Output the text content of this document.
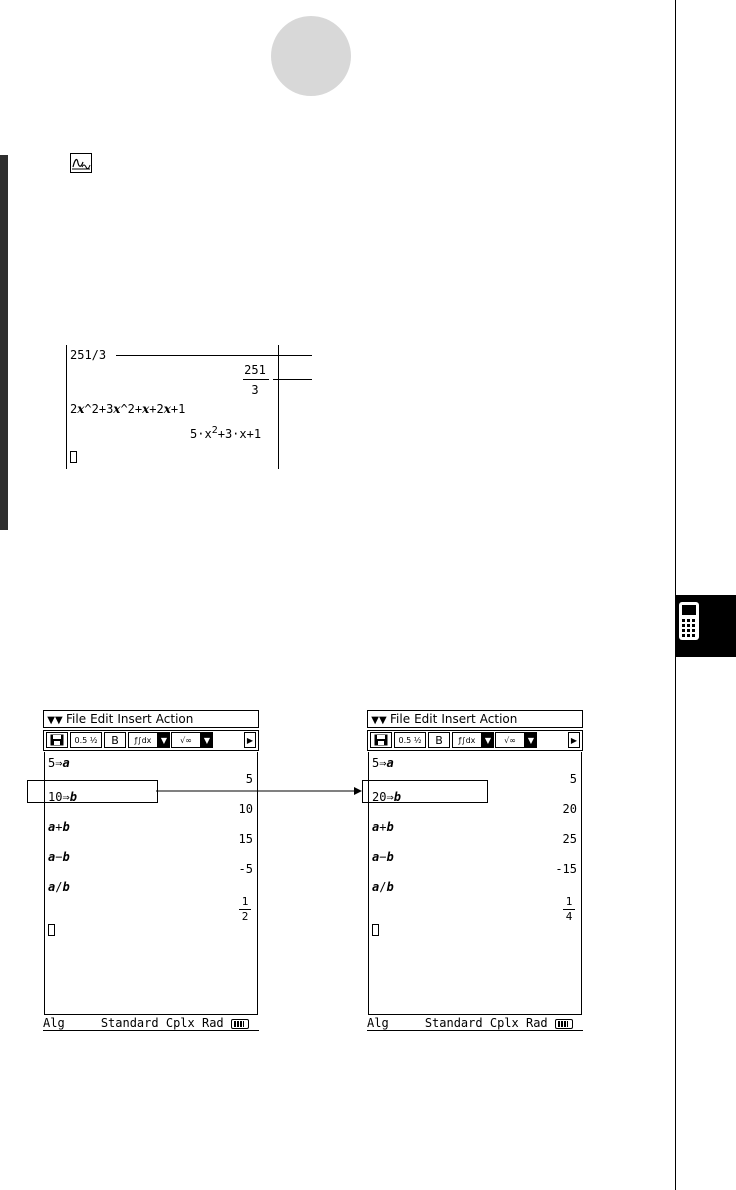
251/3
251
3
2x^2+3x^2+x+2x+1
$5\cdot x^2+3\cdot x+1$
▼▼ File Edit Insert Action
0.5 ½	B	ƒ∫dx	▼	√∞	▼	▶
5⇒a
5
10⇒b
10
a+b
15
a−b
-5
a/b
1
2
Alg	Standard Cplx Rad
▼▼ File Edit Insert Action
0.5 ½	B	ƒ∫dx	▼	√∞	▼	▶
5⇒a
5
20⇒b
20
a+b
25
a−b
-15
a/b
1
4
Alg	Standard Cplx Rad
